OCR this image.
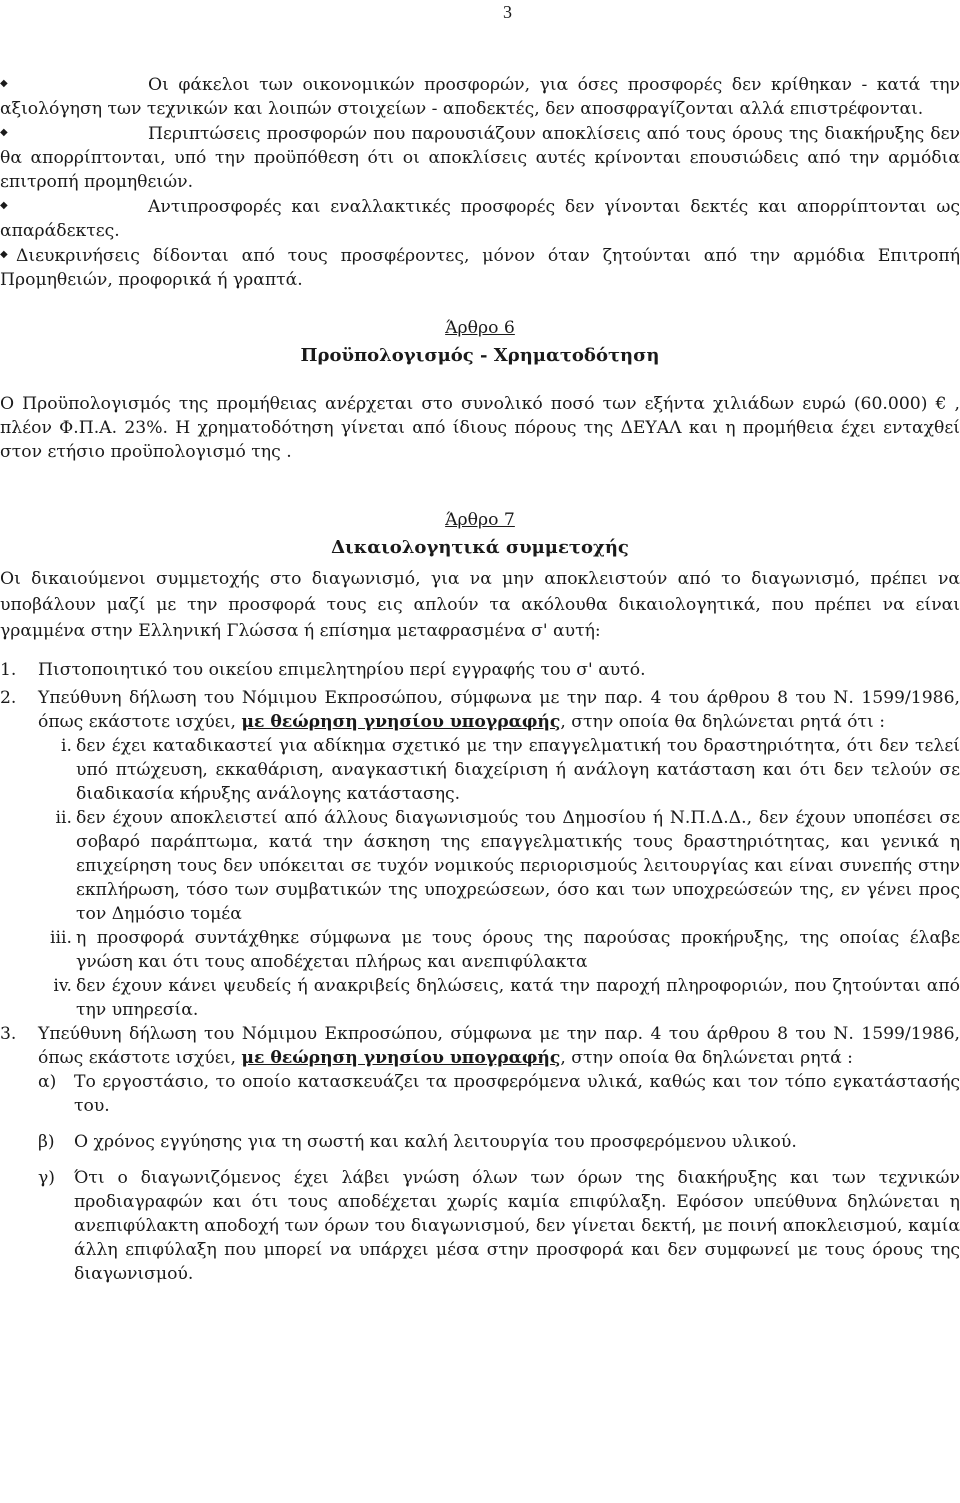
3

◆	Οι φάκελοι των οικονομικών προσφορών, για όσες προσφορές δεν κρίθηκαν - κατά την αξιολόγηση των τεχνικών και λοιπών στοιχείων - αποδεκτές, δεν αποσφραγίζονται αλλά επιστρέφονται.

◆	Περιπτώσεις προσφορών που παρουσιάζουν αποκλίσεις από τους όρους της διακήρυξης δεν θα απορρίπτονται, υπό την προϋπόθεση ότι οι αποκλίσεις αυτές κρίνονται επουσιώδεις από την αρμόδια επιτροπή προμηθειών.

◆	Αντιπροσφορές και εναλλακτικές προσφορές δεν γίνονται δεκτές και απορρίπτονται ως απαράδεκτες.

◆ Διευκρινήσεις δίδονται από τους προσφέροντες, μόνον όταν ζητούνται από την αρμόδια Επιτροπή Προμηθειών, προφορικά ή γραπτά.

Άρθρο 6

Προϋπολογισμός - Χρηματοδότηση

Ο Προϋπολογισμός της προμήθειας ανέρχεται στο συνολικό ποσό των εξήντα χιλιάδων ευρώ (60.000) € , πλέον Φ.Π.Α. 23%. Η χρηματοδότηση γίνεται από ίδιους πόρους της ΔΕΥΑΛ και η προμήθεια έχει ενταχθεί στον ετήσιο προϋπολογισμό της .

Άρθρο 7

Δικαιολογητικά συμμετοχής

Οι δικαιούμενοι συμμετοχής στο διαγωνισμό, για να μην αποκλειστούν από το διαγωνισμό, πρέπει να υποβάλουν μαζί με την προσφορά τους εις απλούν τα ακόλουθα δικαιολογητικά, που πρέπει να είναι γραμμένα στην Ελληνική Γλώσσα ή επίσημα μεταφρασμένα σ' αυτή:

1. Πιστοποιητικό του οικείου επιμελητηρίου περί εγγραφής του σ' αυτό.

2. Υπεύθυνη δήλωση του Νόμιμου Εκπροσώπου, σύμφωνα με την παρ. 4 του άρθρου 8 του Ν. 1599/1986, όπως εκάστοτε ισχύει, με θεώρηση γνησίου υπογραφής, στην οποία θα δηλώνεται ρητά ότι :

i. δεν έχει καταδικαστεί για αδίκημα σχετικό με την επαγγελματική του δραστηριότητα, ότι δεν τελεί υπό πτώχευση, εκκαθάριση, αναγκαστική διαχείριση ή ανάλογη κατάσταση και ότι δεν τελούν σε διαδικασία κήρυξης ανάλογης κατάστασης.

ii. δεν έχουν αποκλειστεί από άλλους διαγωνισμούς του Δημοσίου ή Ν.Π.Δ.Δ., δεν έχουν υποπέσει σε σοβαρό παράπτωμα, κατά την άσκηση της επαγγελματικής τους δραστηριότητας, και γενικά η επιχείρηση τους δεν υπόκειται σε τυχόν νομικούς περιορισμούς λειτουργίας και είναι συνεπής στην εκπλήρωση, τόσο των συμβατικών της υποχρεώσεων, όσο και των υποχρεώσεών της, εν γένει προς τον Δημόσιο τομέα

iii. η προσφορά συντάχθηκε σύμφωνα με τους όρους της παρούσας προκήρυξης, της οποίας έλαβε γνώση και ότι τους αποδέχεται πλήρως και ανεπιφύλακτα

iv. δεν έχουν κάνει ψευδείς ή ανακριβείς δηλώσεις, κατά την παροχή πληροφοριών, που ζητούνται από την υπηρεσία.

3. Υπεύθυνη δήλωση του Νόμιμου Εκπροσώπου, σύμφωνα με την παρ. 4 του άρθρου 8 του Ν. 1599/1986, όπως εκάστοτε ισχύει, με θεώρηση γνησίου υπογραφής, στην οποία θα δηλώνεται ρητά :

α) Το εργοστάσιο, το οποίο κατασκευάζει τα προσφερόμενα υλικά, καθώς και τον τόπο εγκατάστασής του.

β) Ο χρόνος εγγύησης για τη σωστή και καλή λειτουργία του προσφερόμενου υλικού.

γ) Ότι ο διαγωνιζόμενος έχει λάβει γνώση όλων των όρων της διακήρυξης και των τεχνικών προδιαγραφών και ότι τους αποδέχεται χωρίς καμία επιφύλαξη. Εφόσον υπεύθυνα δηλώνεται η ανεπιφύλακτη αποδοχή των όρων του διαγωνισμού, δεν γίνεται δεκτή, με ποινή αποκλεισμού, καμία άλλη επιφύλαξη που μπορεί να υπάρχει μέσα στην προσφορά και δεν συμφωνεί με τους όρους της διαγωνισμού.
